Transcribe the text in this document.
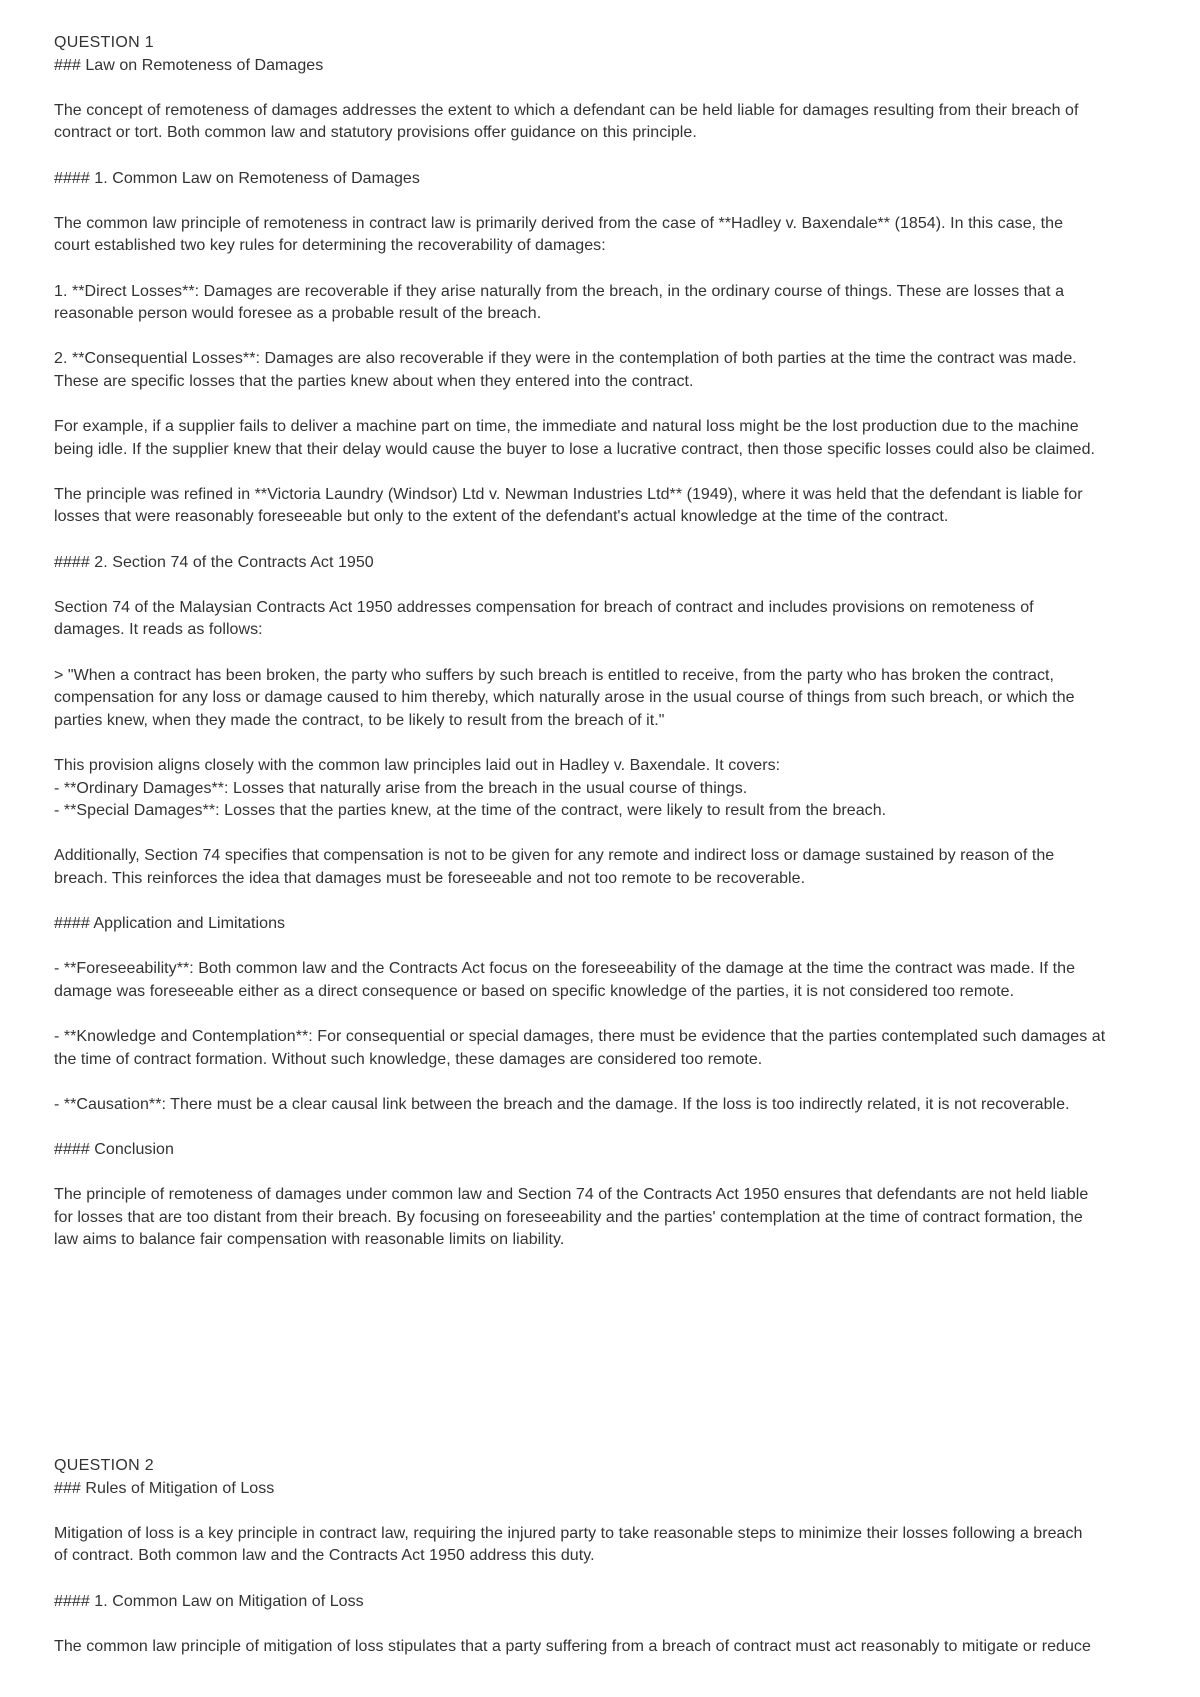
QUESTION 1
### Law on Remoteness of Damages
The concept of remoteness of damages addresses the extent to which a defendant can be held liable for damages resulting from their breach of
contract or tort. Both common law and statutory provisions offer guidance on this principle.
#### 1. Common Law on Remoteness of Damages
The common law principle of remoteness in contract law is primarily derived from the case of **Hadley v. Baxendale** (1854). In this case, the
court established two key rules for determining the recoverability of damages:
1. **Direct Losses**: Damages are recoverable if they arise naturally from the breach, in the ordinary course of things. These are losses that a
reasonable person would foresee as a probable result of the breach.
2. **Consequential Losses**: Damages are also recoverable if they were in the contemplation of both parties at the time the contract was made.
These are specific losses that the parties knew about when they entered into the contract.
For example, if a supplier fails to deliver a machine part on time, the immediate and natural loss might be the lost production due to the machine
being idle. If the supplier knew that their delay would cause the buyer to lose a lucrative contract, then those specific losses could also be claimed.
The principle was refined in **Victoria Laundry (Windsor) Ltd v. Newman Industries Ltd** (1949), where it was held that the defendant is liable for
losses that were reasonably foreseeable but only to the extent of the defendant's actual knowledge at the time of the contract.
#### 2. Section 74 of the Contracts Act 1950
Section 74 of the Malaysian Contracts Act 1950 addresses compensation for breach of contract and includes provisions on remoteness of
damages. It reads as follows:
> "When a contract has been broken, the party who suffers by such breach is entitled to receive, from the party who has broken the contract,
compensation for any loss or damage caused to him thereby, which naturally arose in the usual course of things from such breach, or which the
parties knew, when they made the contract, to be likely to result from the breach of it."
This provision aligns closely with the common law principles laid out in Hadley v. Baxendale. It covers:
- **Ordinary Damages**: Losses that naturally arise from the breach in the usual course of things.
- **Special Damages**: Losses that the parties knew, at the time of the contract, were likely to result from the breach.
Additionally, Section 74 specifies that compensation is not to be given for any remote and indirect loss or damage sustained by reason of the
breach. This reinforces the idea that damages must be foreseeable and not too remote to be recoverable.
#### Application and Limitations
- **Foreseeability**: Both common law and the Contracts Act focus on the foreseeability of the damage at the time the contract was made. If the
damage was foreseeable either as a direct consequence or based on specific knowledge of the parties, it is not considered too remote.
- **Knowledge and Contemplation**: For consequential or special damages, there must be evidence that the parties contemplated such damages at
the time of contract formation. Without such knowledge, these damages are considered too remote.
- **Causation**: There must be a clear causal link between the breach and the damage. If the loss is too indirectly related, it is not recoverable.
#### Conclusion
The principle of remoteness of damages under common law and Section 74 of the Contracts Act 1950 ensures that defendants are not held liable
for losses that are too distant from their breach. By focusing on foreseeability and the parties' contemplation at the time of contract formation, the
law aims to balance fair compensation with reasonable limits on liability.
QUESTION 2
### Rules of Mitigation of Loss
Mitigation of loss is a key principle in contract law, requiring the injured party to take reasonable steps to minimize their losses following a breach
of contract. Both common law and the Contracts Act 1950 address this duty.
#### 1. Common Law on Mitigation of Loss
The common law principle of mitigation of loss stipulates that a party suffering from a breach of contract must act reasonably to mitigate or reduce
